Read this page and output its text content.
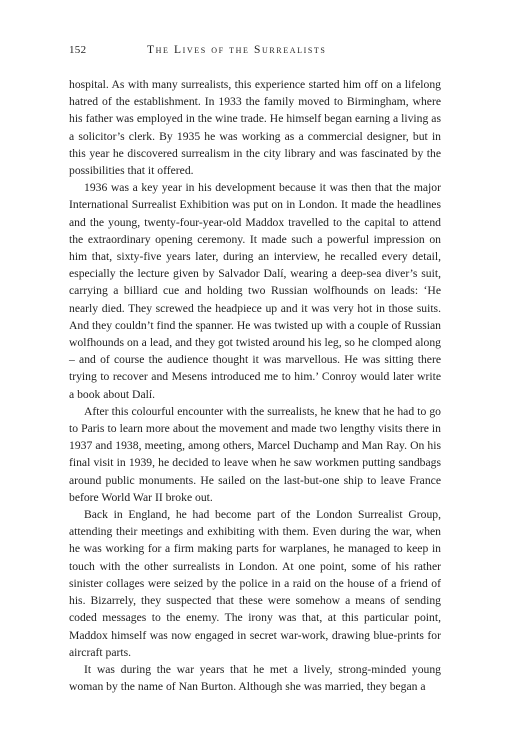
152	The Lives of the Surrealists

hospital. As with many surrealists, this experience started him off on a lifelong hatred of the establishment. In 1933 the family moved to Birmingham, where his father was employed in the wine trade. He himself began earning a living as a solicitor’s clerk. By 1935 he was working as a commercial designer, but in this year he discovered surrealism in the city library and was fascinated by the possibilities that it offered.

1936 was a key year in his development because it was then that the major International Surrealist Exhibition was put on in London. It made the headlines and the young, twenty-four-year-old Maddox travelled to the capital to attend the extraordinary opening ceremony. It made such a powerful impression on him that, sixty-five years later, during an interview, he recalled every detail, especially the lecture given by Salvador Dalí, wearing a deep-sea diver’s suit, carrying a billiard cue and holding two Russian wolfhounds on leads: ‘He nearly died. They screwed the headpiece up and it was very hot in those suits. And they couldn’t find the spanner. He was twisted up with a couple of Russian wolfhounds on a lead, and they got twisted around his leg, so he clomped along – and of course the audience thought it was marvellous. He was sitting there trying to recover and Mesens introduced me to him.’ Conroy would later write a book about Dalí.

After this colourful encounter with the surrealists, he knew that he had to go to Paris to learn more about the movement and made two lengthy visits there in 1937 and 1938, meeting, among others, Marcel Duchamp and Man Ray. On his final visit in 1939, he decided to leave when he saw workmen putting sandbags around public monuments. He sailed on the last-but-one ship to leave France before World War II broke out.

Back in England, he had become part of the London Surrealist Group, attending their meetings and exhibiting with them. Even during the war, when he was working for a firm making parts for warplanes, he managed to keep in touch with the other surrealists in London. At one point, some of his rather sinister collages were seized by the police in a raid on the house of a friend of his. Bizarrely, they suspected that these were somehow a means of sending coded messages to the enemy. The irony was that, at this particular point, Maddox himself was now engaged in secret war-work, drawing blue-prints for aircraft parts.

It was during the war years that he met a lively, strong-minded young woman by the name of Nan Burton. Although she was married, they began a
